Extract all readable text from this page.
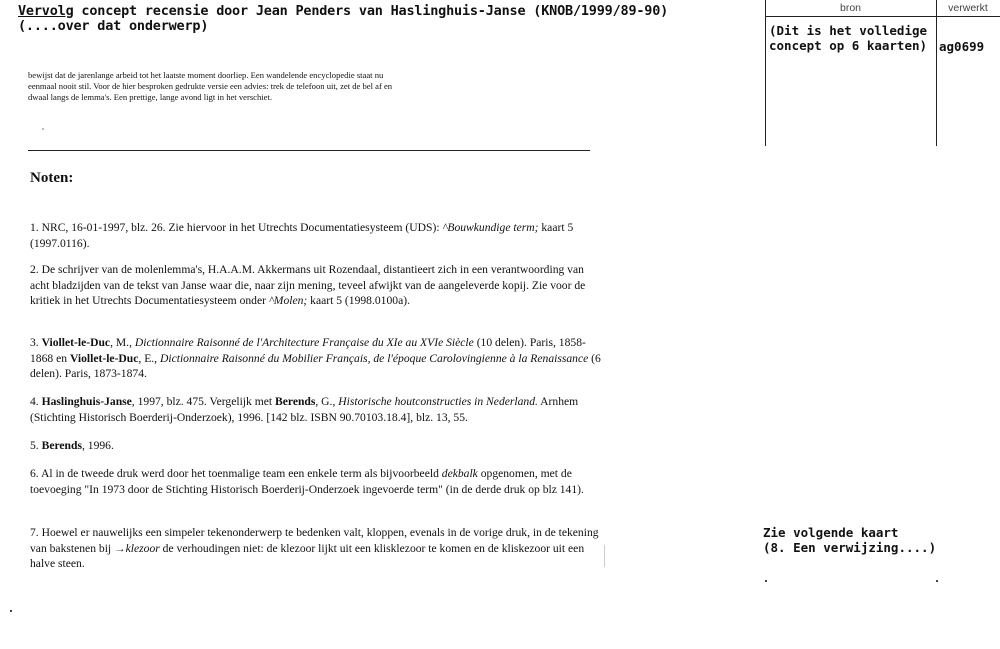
Vervolg concept recensie door Jean Penders van Haslinghuis-Janse (KNOB/1999/89-90)
(....over dat onderwerp)
bewijst dat de jarenlange arbeid tot het laatste moment doorliep. Een wandelende encyclopedie staat nu eenmaal nooit stil. Voor de hier besproken gedrukte versie een advies: trek de telefoon uit, zet de bel af en dwaal langs de lemma's. Een prettige, lange avond ligt in het verschiet.
Noten:
1. NRC, 16-01-1997, blz. 26. Zie hiervoor in het Utrechts Documentatiesysteem (UDS): ^Bouwkundige term; kaart 5 (1997.0116).
2. De schrijver van de molenlemma's, H.A.A.M. Akkermans uit Rozendaal, distantieert zich in een verantwoording van acht bladzijden van de tekst van Janse waar die, naar zijn mening, teveel afwijkt van de aangeleverde kopij. Zie voor de kritiek in het Utrechts Documentatiesysteem onder ^Molen; kaart 5 (1998.0100a).
3. Viollet-le-Duc, M., Dictionnaire Raisonné de l'Architecture Française du XIe au XVIe Siècle (10 delen). Paris, 1858-1868 en Viollet-le-Duc, E., Dictionnaire Raisonné du Mobilier Français, de l'époque Carolovingienne à la Renaissance (6 delen). Paris, 1873-1874.
4. Haslinghuis-Janse, 1997, blz. 475. Vergelijk met Berends, G., Historische houtconstructies in Nederland. Arnhem (Stichting Historisch Boerderij-Onderzoek), 1996. [142 blz. ISBN 90.70103.18.4], blz. 13, 55.
5. Berends, 1996.
6. Al in de tweede druk werd door het toenmalige team een enkele term als bijvoorbeeld dekbalk opgenomen, met de toevoeging "In 1973 door de Stichting Historisch Boerderij-Onderzoek ingevoerde term" (in de derde druk op blz 141).
7. Hoewel er nauwelijks een simpeler tekenonderwerp te bedenken valt, kloppen, evenals in de vorige druk, in de tekening van bakstenen bij →klezoor de verhoudingen niet: de klezoor lijkt uit een klisklezoor te komen en de kliskezoor uit een halve steen.
bron	verwerkt
(Dit is het volledige concept op 6 kaarten) ag0699
Zie volgende kaart
(8. Een verwijzing....)
